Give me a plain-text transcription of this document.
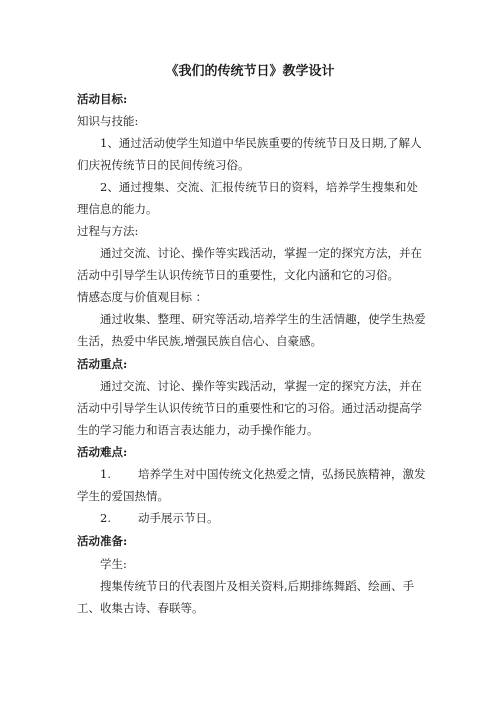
《我们的传统节日》教学设计
活动目标:
知识与技能:
1、通过活动使学生知道中华民族重要的传统节日及日期,了解人们庆祝传统节日的民间传统习俗。
2、通过搜集、交流、汇报传统节日的资料，培养学生搜集和处理信息的能力。
过程与方法:
通过交流、讨论、操作等实践活动，掌握一定的探究方法，并在活动中引导学生认识传统节日的重要性，文化内涵和它的习俗。
情感态度与价值观目标 ：
通过收集、整理、研究等活动,培养学生的生活情趣，使学生热爱生活，热爱中华民族,增强民族自信心、自豪感。
活动重点:
通过交流、讨论、操作等实践活动，掌握一定的探究方法，并在活动中引导学生认识传统节日的重要性和它的习俗。通过活动提高学生的学习能力和语言表达能力，动手操作能力。
活动难点:
1. 培养学生对中国传统文化热爱之情，弘扬民族精神，激发学生的爱国热情。
2. 动手展示节日。
活动准备:
学生:
搜集传统节日的代表图片及相关资料,后期排练舞蹈、绘画、手工、收集古诗、春联等。
